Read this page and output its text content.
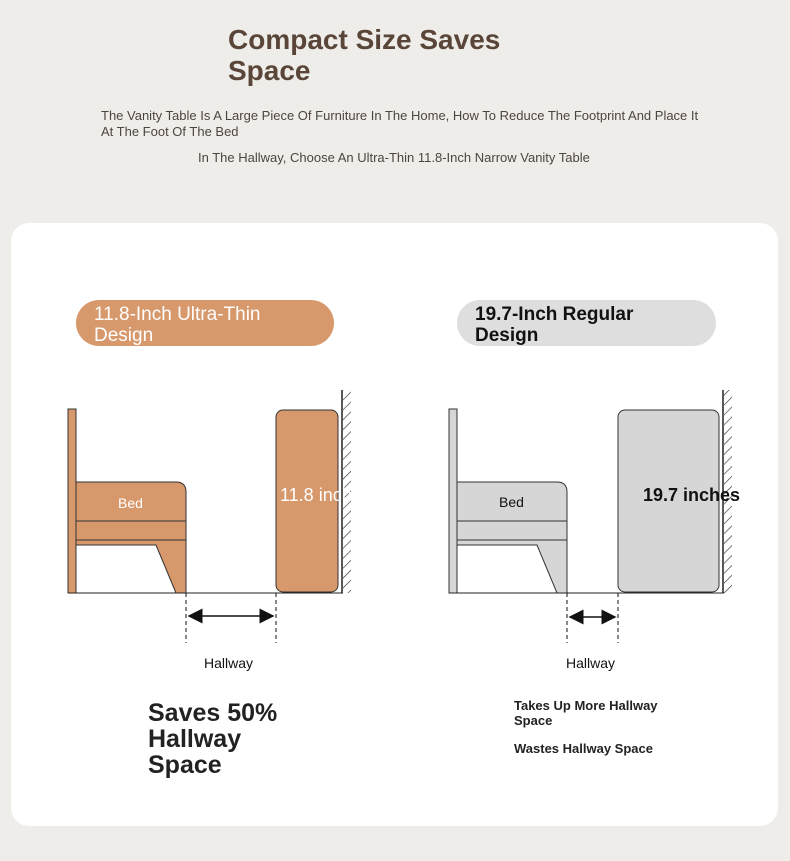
Compact Size Saves Space
The Vanity Table Is A Large Piece Of Furniture In The Home, How To Reduce The Footprint And Place It At The Foot Of The Bed
In The Hallway, Choose An Ultra-Thin 11.8-Inch Narrow Vanity Table
11.8-Inch Ultra-Thin Design
19.7-Inch Regular Design
Bed	11.8 inches
Hallway
Bed	19.7 inches
Hallway
Saves 50% Hallway Space
Takes Up More Hallway Space
Wastes Hallway Space
